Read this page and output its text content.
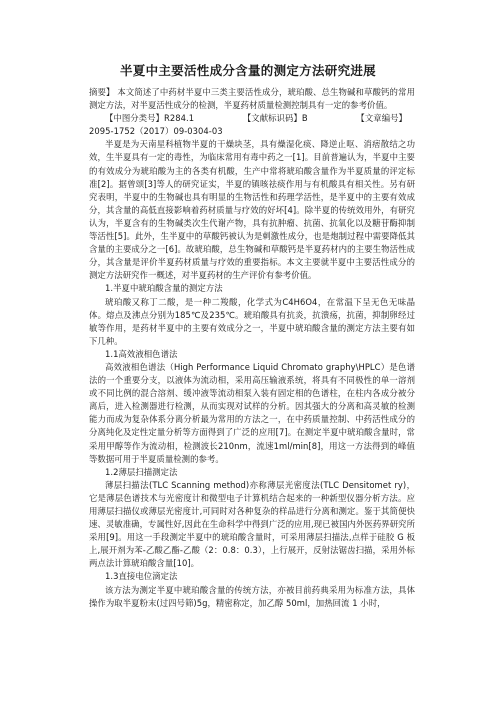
半夏中主要活性成分含量的测定方法研究进展

摘要】 本文简述了中药材半夏中三类主要活性成分，琥珀酸、总生物碱和草酸钙的常用测定方法，对半夏活性成分的检测，半夏药材质量检测控制具有一定的参考价值。

【中图分类号】R284.1	【文献标识码】B	【文章编号】

2095-1752（2017）09-0304-03

半夏是为天南星科植物半夏的干燥块茎，具有燥湿化痰、降逆止呕、消痞散结之功效，生半夏具有一定的毒性，为临床常用有毒中药之一[1]。目前普遍认为，半夏中主要的有效成分为琥珀酸为主的各类有机酸，生产中常将琥珀酸含量作为半夏质量的评定标准[2]。据曾颂[3]等人的研究证实，半夏的镇咳祛痰作用与有机酸具有相关性。另有研究表明，半夏中的生物碱也具有明显的生物活性和药理学活性，是半夏中的主要有效成分，其含量的高低直接影响着药材质量与疗效的好坏[4]。除半夏的传统效用外，有研究认为，半夏含有的生物碱类次生代谢产物，具有抗肿瘤、抗菌、抗氧化以及糖苷酶抑制等活性[5]。此外，生半夏中的草酸钙被认为是刺激性成分，也是炮制过程中需要降低其含量的主要成分之一[6]。故琥珀酸，总生物碱和草酸钙是半夏药材内的主要生物活性成分，其含量是评价半夏药材质量与疗效的重要指标。本文主要就半夏中主要活性成分的测定方法研究作一概述，对半夏药材的生产评价有参考价值。

1.半夏中琥珀酸含量的测定方法

琥珀酸又称丁二酸，是一种二羧酸，化学式为C4H6O4，在常温下呈无色无味晶体。熔点及沸点分别为185℃及235℃。琥珀酸具有抗炎，抗溃疡，抗菌，抑制卵经过敏等作用，是药材半夏中的主要有效成分之一，半夏中琥珀酸含量的测定方法主要有如下几种。

1.1高效液相色谱法

高效液相色谱法（High Performance Liquid Chromato graphy\HPLC）是色谱法的一个重要分支，以液体为流动相，采用高压输液系统，将具有不同极性的单一溶剂或不同比例的混合溶剂、缓冲液等流动相泵入装有固定相的色谱柱，在柱内各成分被分离后，进入检测器进行检测，从而实现对试样的分析。因其强大的分离和高灵敏的检测能力而成为复杂体系分离分析最为常用的方法之一，在中药质量控制、中药活性成分的分离纯化及定性定量分析等方面得到了广泛的应用[7]。在测定半夏中琥珀酸含量时，常采用甲醇等作为流动相，检测波长210nm，流速1ml/min[8]，用这一方法得到的峰值等数据可用于半夏质量检测的参考。

1.2薄层扫描测定法

薄层扫描法(TLC Scanning method)亦称薄层光密度法(TLC Densitomet ry)，它是薄层色谱技术与光密度计和微型电子计算机结合起来的一种新型仪器分析方法。应用薄层扫描仪或薄层光密度计,可同时对各种复杂的样品进行分离和测定。鉴于其简便快速、灵敏准确，专属性好,因此在生命科学中得到广泛的应用,现已被国内外医药界研究所采用[9]。用这一手段测定半夏中的琥珀酸含量时，可采用薄层扫描法,点样于硅胶 G 板上,展开剂为苯-乙酸乙酯-乙酸（2：0.8：0.3），上行展开，反射法锯齿扫描，采用外标两点法计算琥珀酸含量[10]。

1.3直接电位滴定法

该方法为测定半夏中琥珀酸含量的传统方法，亦被目前药典采用为标准方法，具体操作为取半夏粉末(过四号筛)5g，精密称定，加乙醇 50ml，加热回流 1 小时，
